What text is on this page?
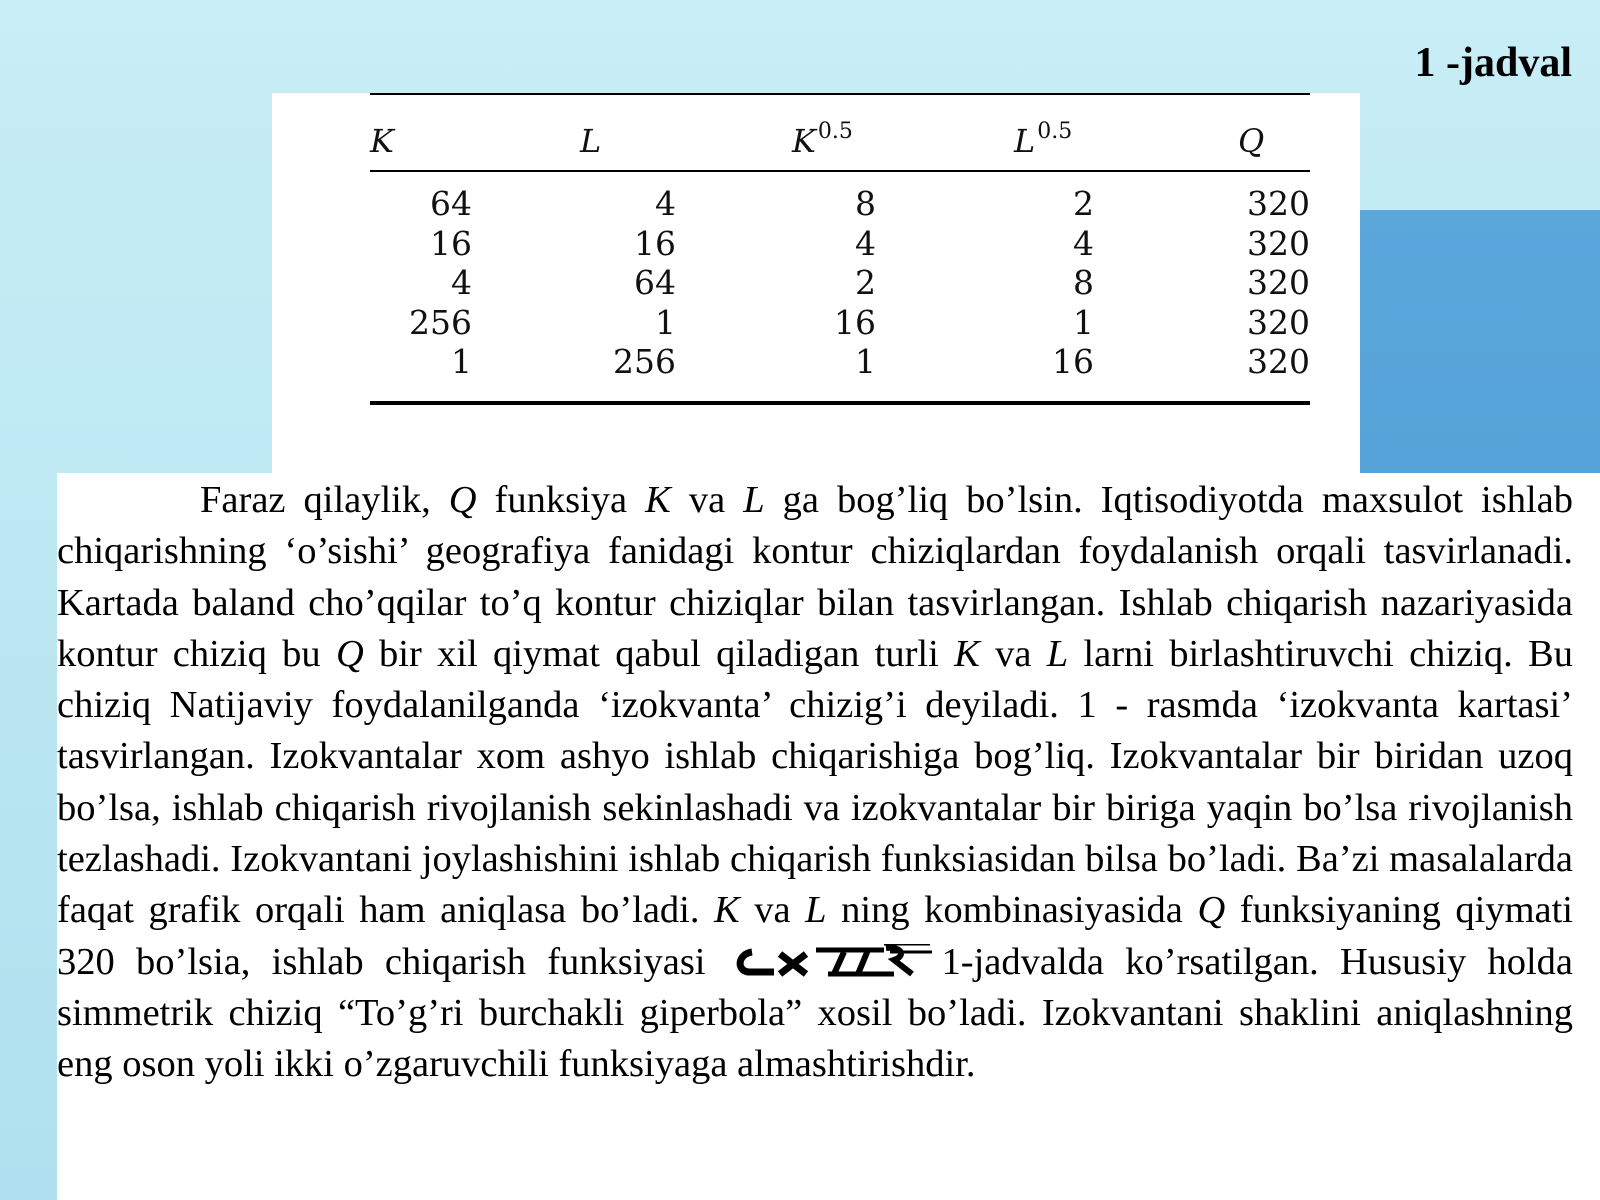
1 -jadval
K	L	$K^{0.5}$	$L^{0.5}$	Q
64	4	8	2	320
16	16	4	4	320
4	64	2	8	320
256	1	16	1	320
1	256	1	16	320

Faraz qilaylik, Q funksiya K va L ga bog’liq bo’lsin. Iqtisodiyotda maxsulot ishlab chiqarishning ‘o’sishi’ geografiya fanidagi kontur chiziqlardan foydalanish orqali tasvirlanadi. Kartada baland cho’qqilar to’q kontur chiziqlar bilan tasvirlangan. Ishlab chiqarish nazariyasida kontur chiziq bu Q bir xil qiymat qabul qiladigan turli K va L larni birlashtiruvchi chiziq. Bu chiziq Natijaviy foydalanilganda ‘izokvanta’ chizig’i deyiladi. 1 - rasmda ‘izokvanta kartasi’ tasvirlangan. Izokvantalar xom ashyo ishlab chiqarishiga bog’liq. Izokvantalar bir biridan uzoq bo’lsa, ishlab chiqarish rivojlanish sekinlashadi va izokvantalar bir biriga yaqin bo’lsa rivojlanish tezlashadi. Izokvantani joylashishini ishlab chiqarish funksiasidan bilsa bo’ladi. Ba’zi masalalarda faqat grafik orqali ham aniqlasa bo’ladi. K va L ning kombinasiyasida Q funksiyaning qiymati 320 bo’lsia, ishlab chiqarish funksiyasi	1-jadvalda ko’rsatilgan. Hususiy holda simmetrik chiziq “To’g’ri burchakli giperbola” xosil bo’ladi. Izokvantani shaklini aniqlashning eng oson yoli ikki o’zgaruvchili funksiyaga almashtirishdir.
